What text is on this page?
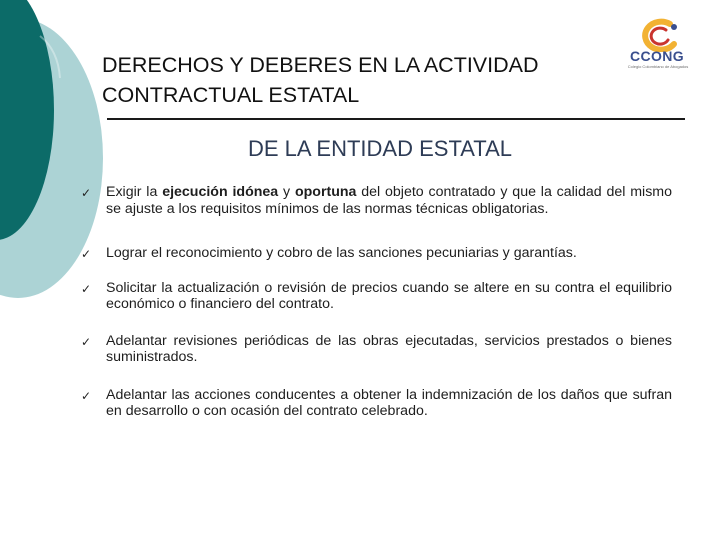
DERECHOS Y DEBERES EN LA ACTIVIDAD
CONTRACTUAL ESTATAL
CCONG
Colegio Colombiano de Abogados
DE LA ENTIDAD ESTATAL
✓ Exigir la ejecución idónea y oportuna del objeto contratado y que la calidad del mismo se ajuste a los requisitos mínimos de las normas técnicas obligatorias.
✓ Lograr el reconocimiento y cobro de las sanciones pecuniarias y garantías.
✓ Solicitar la actualización o revisión de precios cuando se altere en su contra el equilibrio económico o financiero del contrato.
✓ Adelantar revisiones periódicas de las obras ejecutadas, servicios prestados o bienes suministrados.
✓ Adelantar las acciones conducentes a obtener la indemnización de los daños que sufran en desarrollo o con ocasión del contrato celebrado.
